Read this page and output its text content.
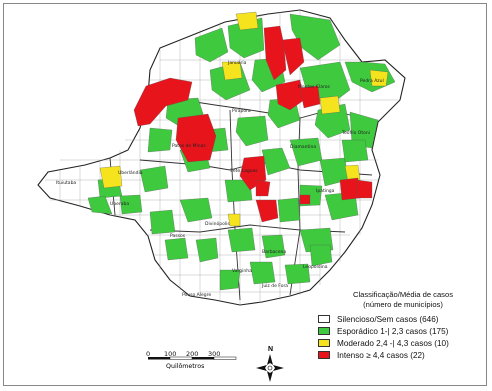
Januária
Montes Claros
Pedra Azul
Pirapora
Teófilo Otoni
Patos de Minas
Uberlândia
Ituiutaba
Uberaba
Sete Lagoas
Divinópolis
Passos
Varginha
Pouso Alegre
Juiz de Fora
Barbacena
Leopoldina
Ipatinga
Diamantina
Classificação/Média de casos
(número de municípios)
Silencioso/Sem casos (646)
Esporádico 1-| 2,3 casos (175)
Moderado 2,4 -| 4,3 casos (10)
Intenso ≥ 4,4 casos (22)
0 100 200 300
Quilômetros
N
